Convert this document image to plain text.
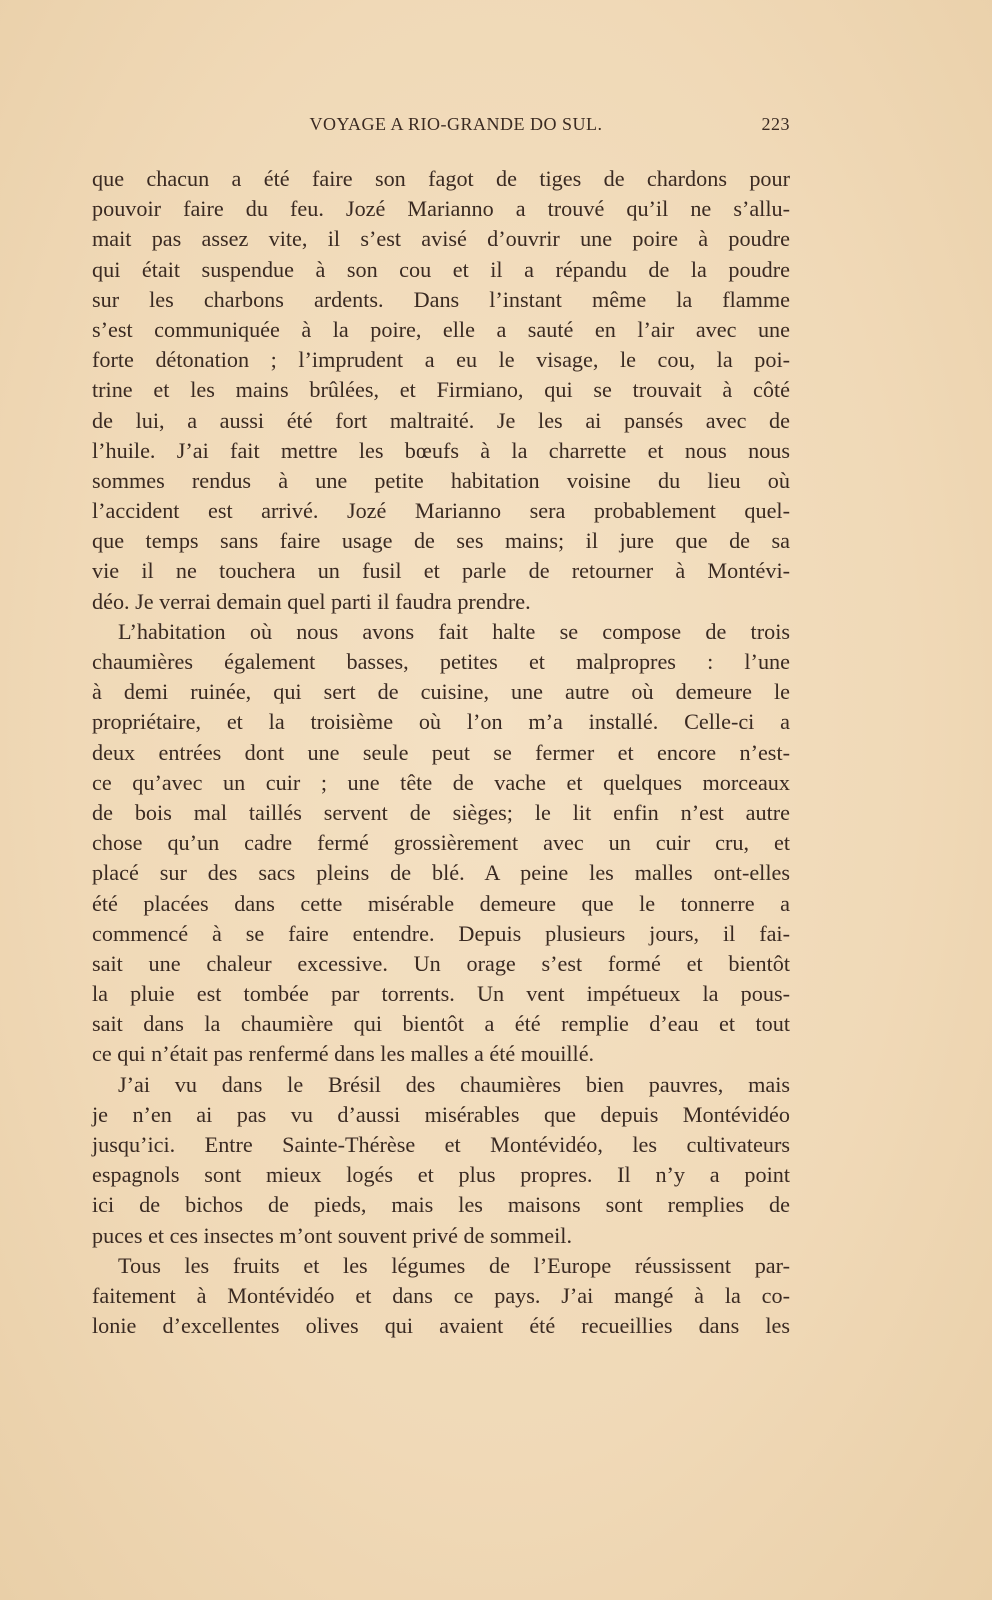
VOYAGE A RIO-GRANDE DO SUL.	223
que chacun a été faire son fagot de tiges de chardons pour
pouvoir faire du feu. Jozé Marianno a trouvé qu’il ne s’allu-
mait pas assez vite, il s’est avisé d’ouvrir une poire à poudre
qui était suspendue à son cou et il a répandu de la poudre
sur les charbons ardents. Dans l’instant même la flamme
s’est communiquée à la poire, elle a sauté en l’air avec une
forte détonation ; l’imprudent a eu le visage, le cou, la poi-
trine et les mains brûlées, et Firmiano, qui se trouvait à côté
de lui, a aussi été fort maltraité. Je les ai pansés avec de
l’huile. J’ai fait mettre les bœufs à la charrette et nous nous
sommes rendus à une petite habitation voisine du lieu où
l’accident est arrivé. Jozé Marianno sera probablement quel-
que temps sans faire usage de ses mains; il jure que de sa
vie il ne touchera un fusil et parle de retourner à Montévi-
déo. Je verrai demain quel parti il faudra prendre.
L’habitation où nous avons fait halte se compose de trois
chaumières également basses, petites et malpropres : l’une
à demi ruinée, qui sert de cuisine, une autre où demeure le
propriétaire, et la troisième où l’on m’a installé. Celle-ci a
deux entrées dont une seule peut se fermer et encore n’est-
ce qu’avec un cuir ; une tête de vache et quelques morceaux
de bois mal taillés servent de sièges; le lit enfin n’est autre
chose qu’un cadre fermé grossièrement avec un cuir cru, et
placé sur des sacs pleins de blé. A peine les malles ont-elles
été placées dans cette misérable demeure que le tonnerre a
commencé à se faire entendre. Depuis plusieurs jours, il fai-
sait une chaleur excessive. Un orage s’est formé et bientôt
la pluie est tombée par torrents. Un vent impétueux la pous-
sait dans la chaumière qui bientôt a été remplie d’eau et tout
ce qui n’était pas renfermé dans les malles a été mouillé.
J’ai vu dans le Brésil des chaumières bien pauvres, mais
je n’en ai pas vu d’aussi misérables que depuis Montévidéo
jusqu’ici. Entre Sainte-Thérèse et Montévidéo, les cultivateurs
espagnols sont mieux logés et plus propres. Il n’y a point
ici de bichos de pieds, mais les maisons sont remplies de
puces et ces insectes m’ont souvent privé de sommeil.
Tous les fruits et les légumes de l’Europe réussissent par-
faitement à Montévidéo et dans ce pays. J’ai mangé à la co-
lonie d’excellentes olives qui avaient été recueillies dans les
